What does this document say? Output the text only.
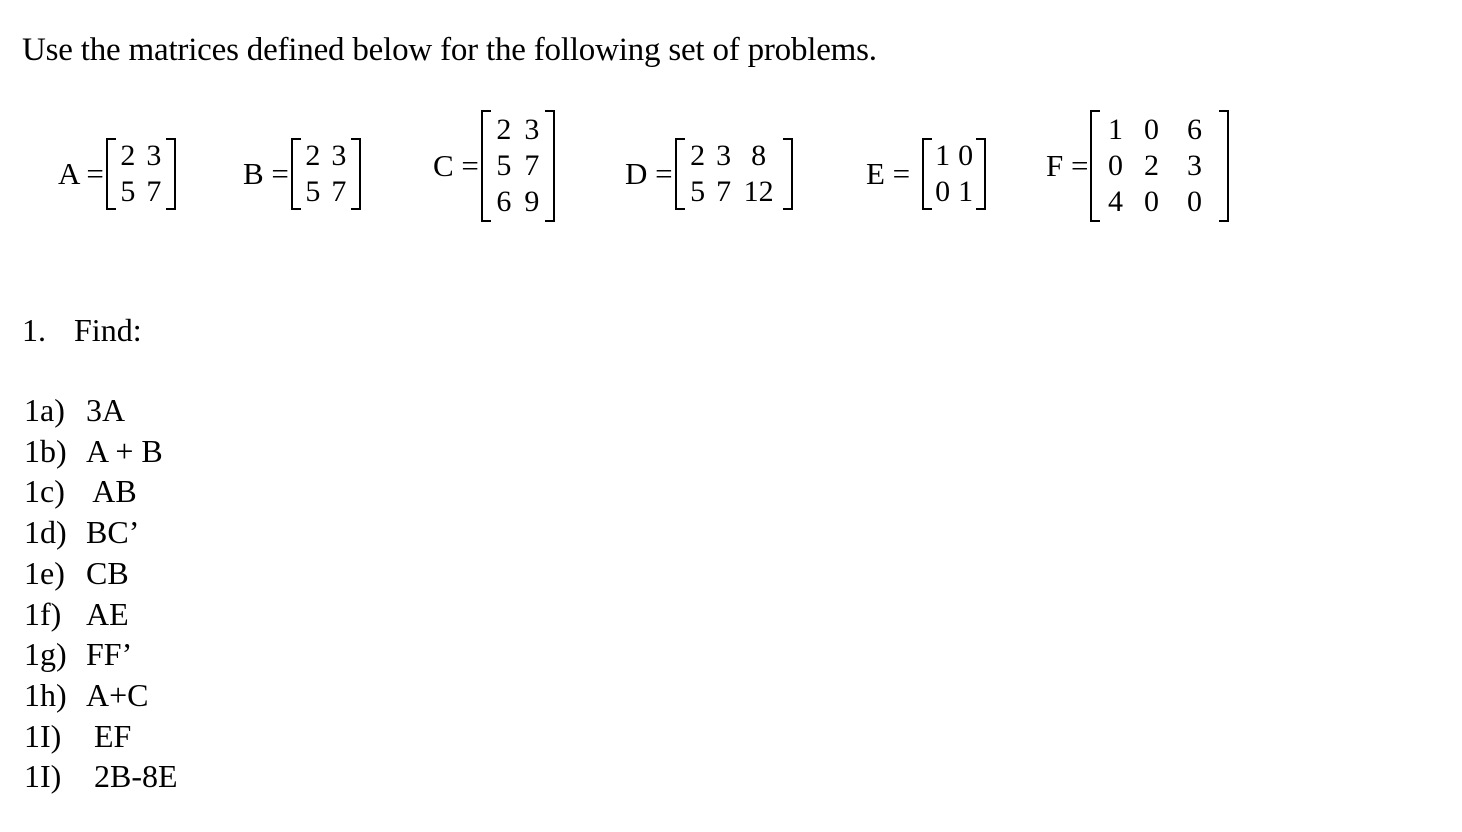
Use the matrices defined below for the following set of problems.
A =
2 3
5 7
B =
2 3
5 7
C =
2 3
5 7
6 9
D =
2 3 8
5 7 12
E =
1 0
0 1
F =
1 0 6
0 2 3
4 0 0
1. Find:
1a) 3A
1b) A + B
1c) AB
1d) BC’
1e) CB
1f) AE
1g) FF’
1h) A+C
1I) EF
1I) 2B-8E
